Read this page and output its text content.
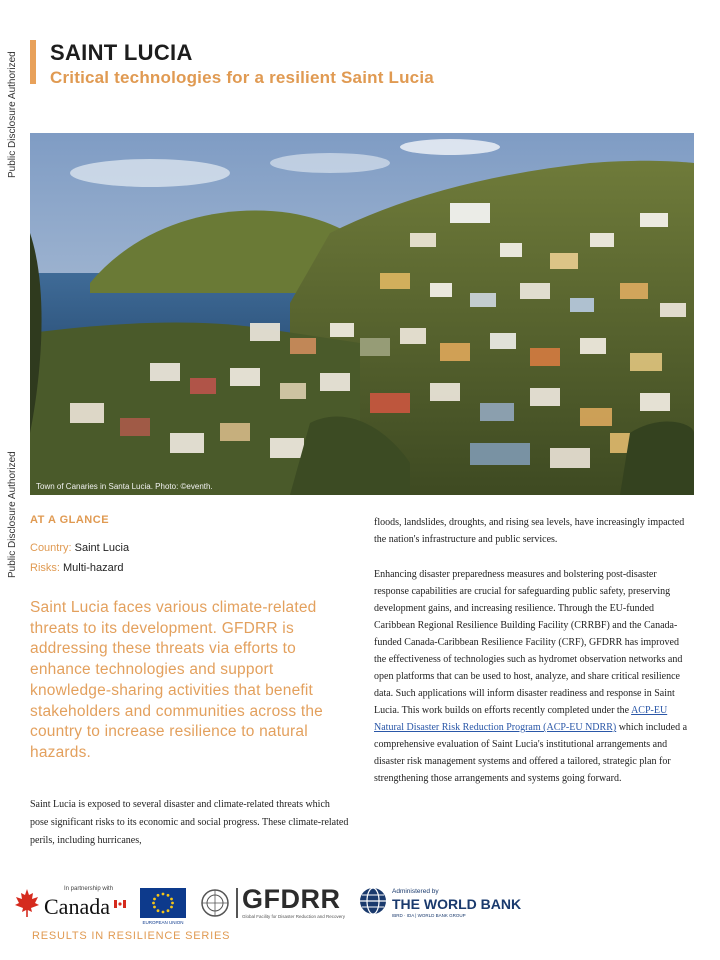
Public Disclosure Authorized
Public Disclosure Authorized
SAINT LUCIA
Critical technologies for a resilient Saint Lucia
Town of Canaries in Santa Lucia. Photo: ©eventh.
AT A GLANCE
Country: Saint Lucia
Risks: Multi-hazard
Saint Lucia faces various climate-related threats to its development. GFDRR is addressing these threats via efforts to enhance technologies and support knowledge-sharing activities that benefit stakeholders and communities across the country to increase resilience to natural hazards.

Saint Lucia is exposed to several disaster and climate-related threats which pose significant risks to its economic and social progress. These climate-related perils, including hurricanes,

floods, landslides, droughts, and rising sea levels, have increasingly impacted the nation's infrastructure and public services.

Enhancing disaster preparedness measures and bolstering post-disaster response capabilities are crucial for safeguarding public safety, preserving development gains, and increasing resilience. Through the EU-funded Caribbean Regional Resilience Building Facility (CRRBF) and the Canada-funded Canada-Caribbean Resilience Facility (CRF), GFDRR has improved the effectiveness of technologies such as hydromet observation networks and open platforms that can be used to host, analyze, and share critical resilience data. Such applications will inform disaster readiness and response in Saint Lucia. This work builds on efforts recently completed under the ACP-EU Natural Disaster Risk Reduction Program (ACP-EU NDRR) which included a comprehensive evaluation of Saint Lucia's institutional arrangements and disaster risk management systems and offered a tailored, strategic plan for strengthening those arrangements and systems going forward.

In partnership with
Canada
EUROPEAN UNION
GFDRR
Global Facility for Disaster Reduction and Recovery
Administered by
THE WORLD BANK
IBRD · IDA | WORLD BANK GROUP
RESULTS IN RESILIENCE SERIES
